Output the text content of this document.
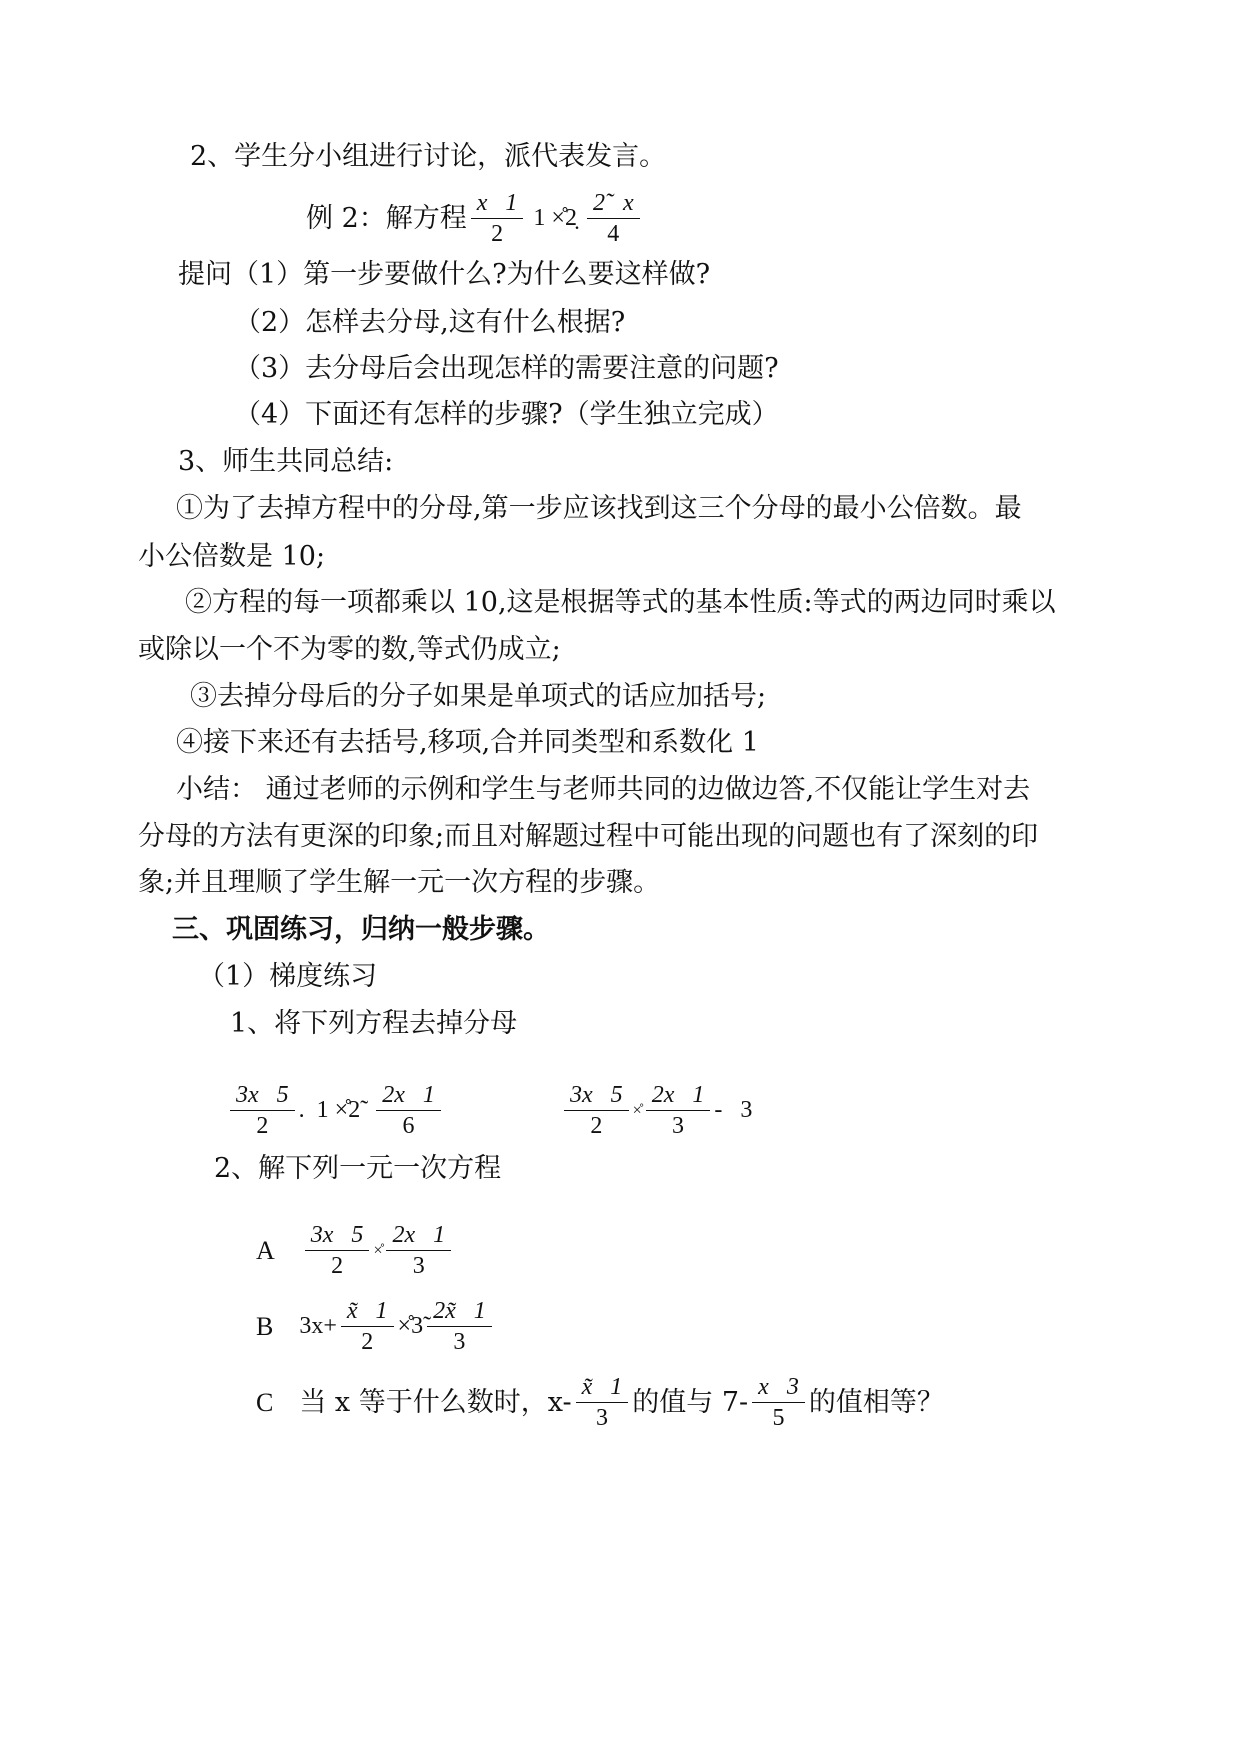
2、学生分小组进行讨论，派代表发言。
例 2：解方程 $\frac{x 1}{2} 1$ ×̊2̣ $\frac{2̃ x}{4}$
提问（1）第一步要做什么?为什么要这样做?
（2）怎样去分母,这有什么根据?
（3）去分母后会出现怎样的需要注意的问题?
（4）下面还有怎样的步骤?（学生独立完成）
3、师生共同总结:
①为了去掉方程中的分母,第一步应该找到这三个分母的最小公倍数。最
小公倍数是 10;
②方程的每一项都乘以 10,这是根据等式的基本性质:等式的两边同时乘以
或除以一个不为零的数,等式仍成立;
③去掉分母后的分子如果是单项式的话应加括号;
④接下来还有去括号,移项,合并同类型和系数化 1
小结： 通过老师的示例和学生与老师共同的边做边答,不仅能让学生对去
分母的方法有更深的印象;而且对解题过程中可能出现的问题也有了深刻的印
象;并且理顺了学生解一元一次方程的步骤。
三、巩固练习，归纳一般步骤。
（1）梯度练习
1、将下列方程去掉分母
$\frac{3x 5}{2}$ .  1 ×̊2̃ $\frac{2x 1}{6}$	$\frac{3x 5}{2}$ ×̊ $\frac{2x 1}{3} - 3$
2、解下列一元一次方程
A $\frac{3x 5}{2}$ ×̊ $\frac{2x 1}{3}$
B $3x+ \frac{x̃ 1}{2}$ ×̊3̃ $\frac{2x̃ 1}{3}$
C 当 x 等于什么数时，$x- \frac{x̃ 1}{3}$ 的值与 $7- \frac{x 3}{5}$ 的值相等？
